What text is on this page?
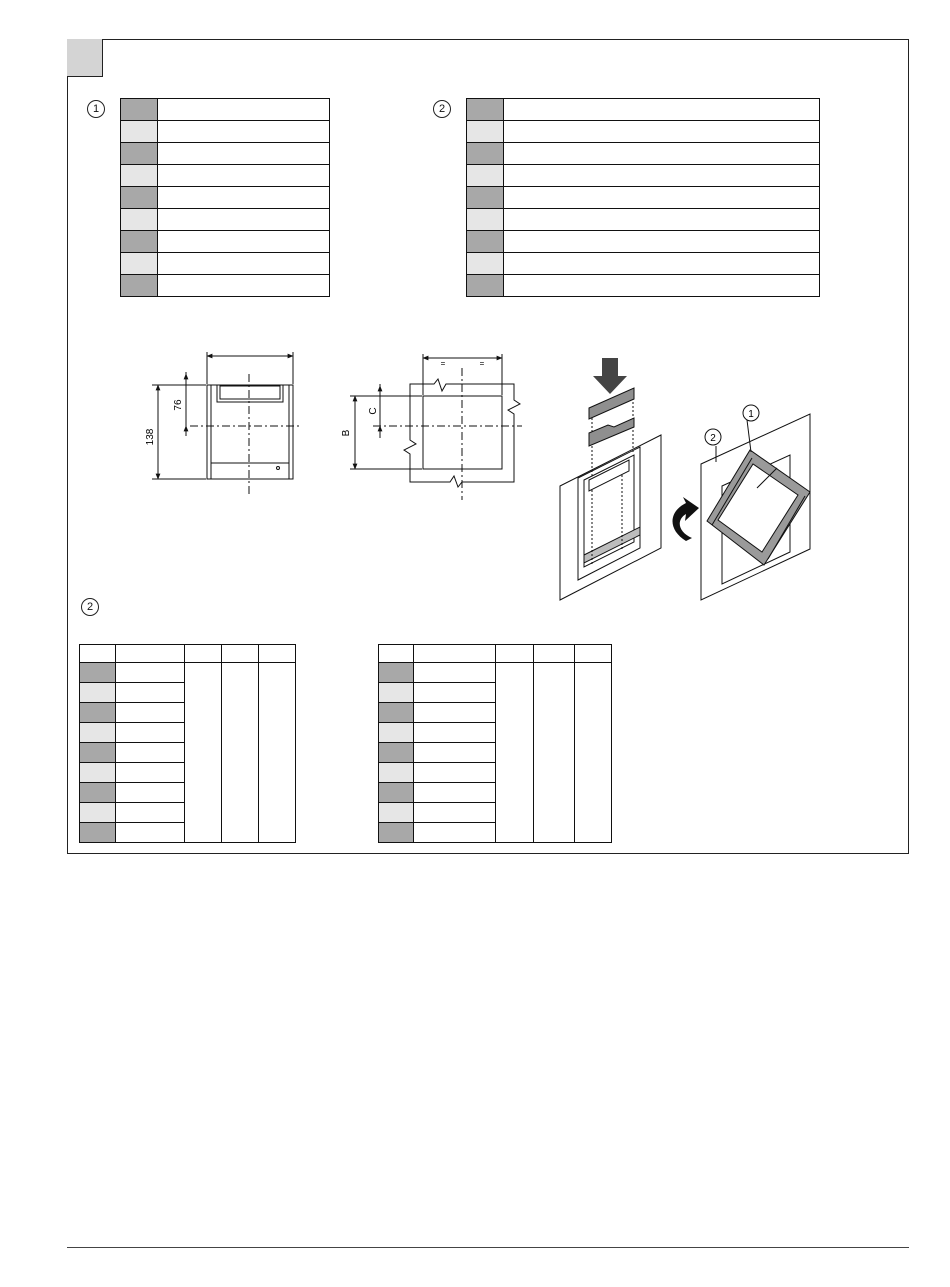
1	2
2

138
76
B
C
=	=
1
2
